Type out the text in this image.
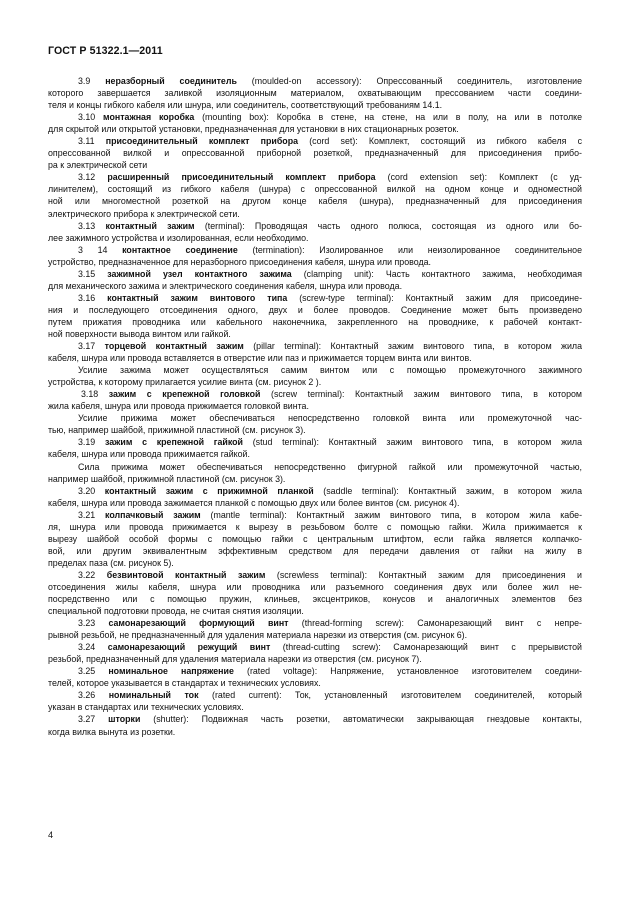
ГОСТ Р 51322.1—2011
3.9 неразборный соединитель (moulded-on accessory): Опрессованный соединитель, изготовление
которого завершается заливкой изоляционным материалом, охватывающим прессованием части соедини-
теля и концы гибкого кабеля или шнура, или соединитель, соответствующий требованиям 14.1.
3.10 монтажная коробка (mounting box): Коробка в стене, на стене, на или в полу, на или в потолке
для скрытой или открытой установки, предназначенная для установки в них стационарных розеток.
3.11 присоединительный комплект прибора (cord set): Комплект, состоящий из гибкого кабеля с
опрессованной вилкой и опрессованной приборной розеткой, предназначенный для присоединения прибо-
ра к электрической сети
3.12 расширенный присоединительный комплект прибора (cord extension set): Комплект (с уд-
линителем), состоящий из гибкого кабеля (шнура) с опрессованной вилкой на одном конце и одноместной
ной или многоместной розеткой на другом конце кабеля (шнура), предназначенный для присоединения
электрического прибора к электрической сети.
3.13 контактный зажим (terminal): Проводящая часть одного полюса, состоящая из одного или бо-
лее зажимного устройства и изолированная, если необходимо.
3 14 контактное соединение (termination): Изолированное или неизолированное соединительное
устройство, предназначенное для неразборного присоединения кабеля, шнура или провода.
3.15 зажимной узел контактного зажима (clamping unit): Часть контактного зажима, необходимая
для механического зажима и электрического соединения кабеля, шнура или провода.
3.16 контактный зажим винтового типа (screw-type terminal): Контактный зажим для присоедине-
ния и последующего отсоединения одного, двух и более проводов. Соединение может быть произведено
путем прижатия проводника или кабельного наконечника, закрепленного на проводнике, к рабочей контакт-
ной поверхности вывода винтом или гайкой.
3.17 торцевой контактный зажим (pillar terminal): Контактный зажим винтового типа, в котором жила
кабеля, шнура или провода вставляется в отверстие или паз и прижимается торцем винта или винтов.
Усилие зажима может осуществляться самим винтом или с помощью промежуточного зажимного
устройства, к которому прилагается усилие винта (см. рисунок 2 ).
3.18 зажим с крепежной головкой (screw terminal): Контактный зажим винтового типа, в котором
жила кабеля, шнура или провода прижимается головкой винта.
Усилие прижима может обеспечиваться непосредственно головкой винта или промежуточной час-
тью, например шайбой, прижимной пластиной (см. рисунок 3).
3.19 зажим с крепежной гайкой (stud terminal): Контактный зажим винтового типа, в котором жила
кабеля, шнура или провода прижимается гайкой.
Сила прижима может обеспечиваться непосредственно фигурной гайкой или промежуточной частью,
например шайбой, прижимной пластиной (см. рисунок 3).
3.20 контактный зажим с прижимной планкой (saddle terminal): Контактный зажим, в котором жила
кабеля, шнура или провода зажимается планкой с помощью двух или более винтов (см. рисунок 4).
3.21 колпачковый зажим (mantle terminal): Контактный зажим винтового типа, в котором жила кабе-
ля, шнура или провода прижимается к вырезу в резьбовом болте с помощью гайки. Жила прижимается к
вырезу шайбой особой формы с помощью гайки с центральным штифтом, если гайка является колпачко-
вой, или другим эквивалентным эффективным средством для передачи давления от гайки на жилу в
пределах паза (см. рисунок 5).
3.22 безвинтовой контактный зажим (screwless terminal): Контактный зажим для присоединения и
отсоединения жилы кабеля, шнура или проводника или разъемного соединения двух или более жил не-
посредственно или с помощью пружин, клиньев, эксцентриков, конусов и аналогичных элементов без
специальной подготовки провода, не считая снятия изоляции.
3.23 самонарезающий формующий винт (thread-forming screw): Самонарезающий винт с непре-
рывной резьбой, не предназначенный для удаления материала нарезки из отверстия (см. рисунок 6).
3.24 самонарезающий режущий винт (thread-cutting screw): Самонарезающий винт с прерывистой
резьбой, предназначенный для удаления материала нарезки из отверстия (см. рисунок 7).
3.25 номинальное напряжение (rated voltage): Напряжение, установленное изготовителем соедини-
телей, которое указывается в стандартах и технических условиях.
3.26 номинальный ток (rated current): Ток, установленный изготовителем соединителей, который
указан в стандартах или технических условиях.
3.27 шторки (shutter): Подвижная часть розетки, автоматически закрывающая гнездовые контакты,
когда вилка вынута из розетки.
4
